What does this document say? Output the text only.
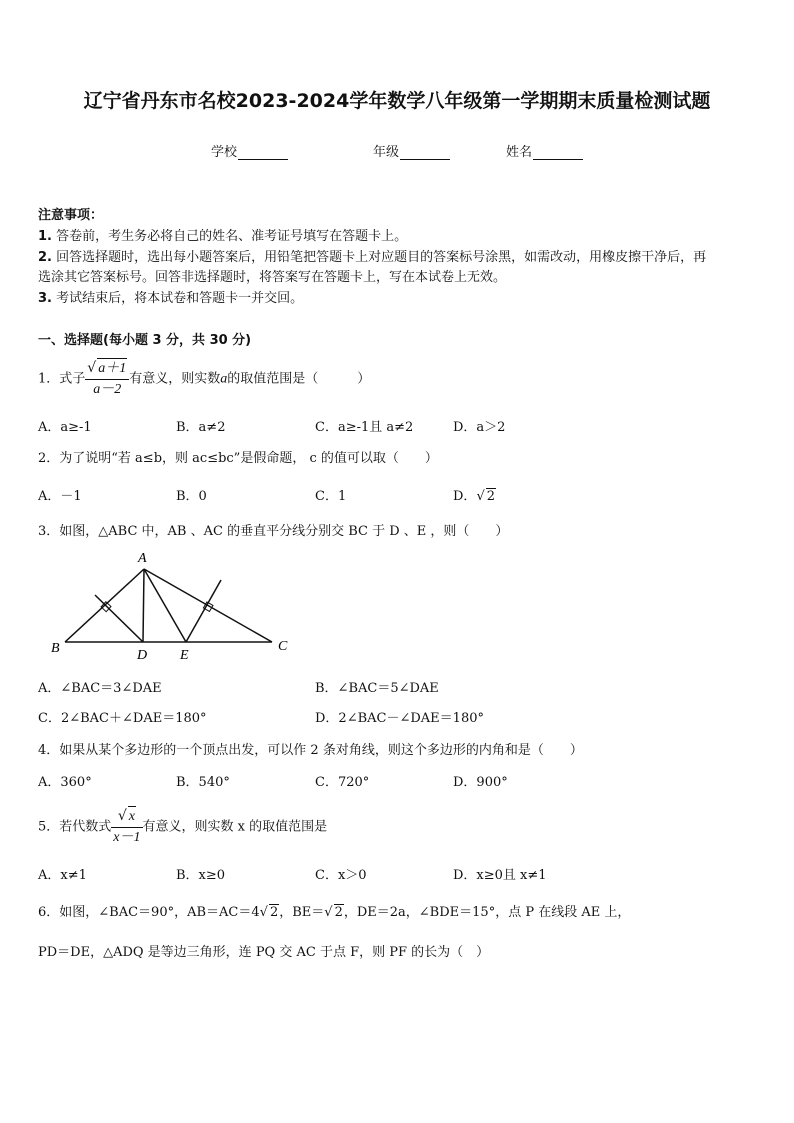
辽宁省丹东市名校2023-2024学年数学八年级第一学期期末质量检测试题
学校	年级	姓名
注意事项：
1. 答卷前，考生务必将自己的姓名、准考证号填写在答题卡上。
2. 回答选择题时，选出每小题答案后，用铅笔把答题卡上对应题目的答案标号涂黑，如需改动，用橡皮擦干净后，再
选涂其它答案标号。回答非选择题时，将答案写在答题卡上，写在本试卷上无效。
3. 考试结束后，将本试卷和答题卡一并交回。
一、选择题(每小题 3 分，共 30 分)
1．式子 $\frac{√ a+1}{a-2}$ 有意义，则实数a的取值范围是（　　　）
A．a≥-1	B．a≠2	C．a≥-1且 a≠2	D．a＞2
2．为了说明“若 a≤b，则 ac≤bc”是假命题， c 的值可以取（　　）
A．－1	B．0	C．1	D．√ 2
3．如图，△ABC 中，AB 、AC 的垂直平分线分别交 BC 于 D 、E ，则（　　）
A
B	C
D E
A．∠BAC＝3∠DAE	B．∠BAC＝5∠DAE
C．2∠BAC＋∠DAE＝180°	D．2∠BAC－∠DAE＝180°
4．如果从某个多边形的一个顶点出发，可以作 2 条对角线，则这个多边形的内角和是（　　）
A．360°	B．540°	C．720°	D．900°
5．若代数式 $\frac{√ x}{x-1}$ 有意义，则实数 x 的取值范围是
A．x≠1	B．x≥0	C．x＞0	D．x≥0且 x≠1
6．如图，∠BAC＝90°，AB＝AC＝4√ 2，BE＝√ 2，DE＝2a，∠BDE＝15°，点 P 在线段 AE 上，
PD＝DE，△ADQ 是等边三角形，连 PQ 交 AC 于点 F，则 PF 的长为（　）
